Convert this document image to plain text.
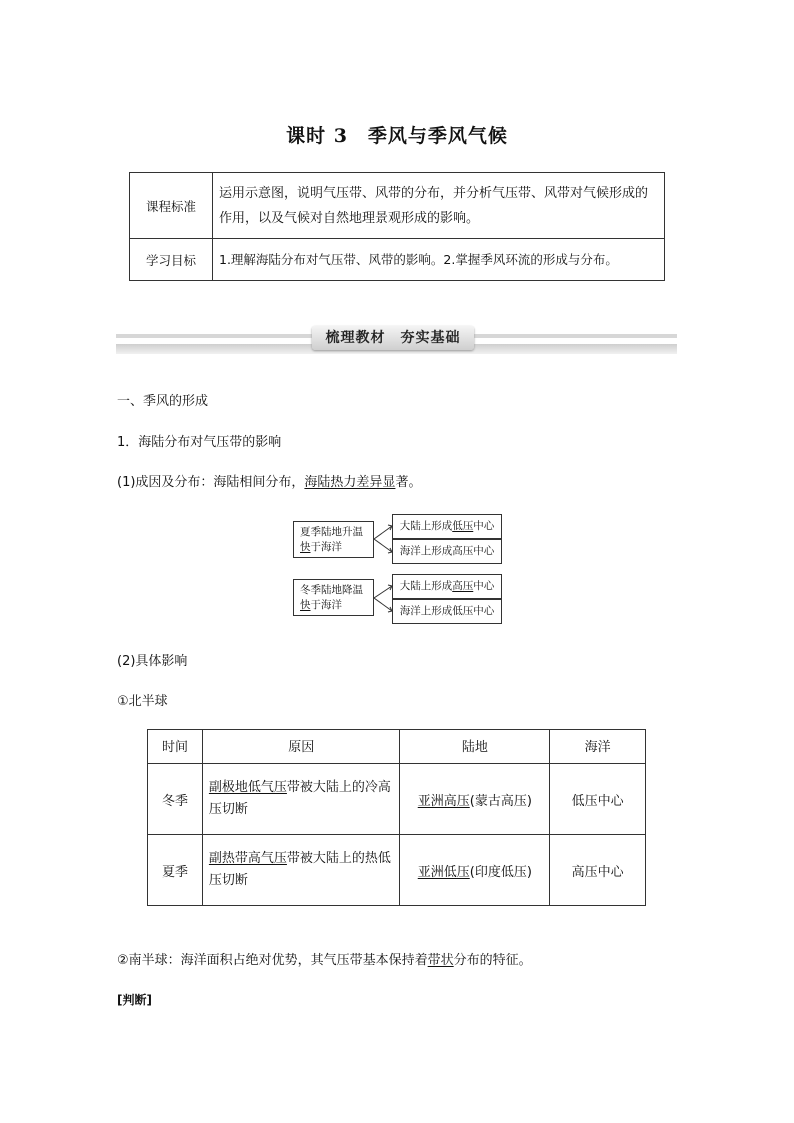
课时 3　季风与季风气候
课程标准	运用示意图，说明气压带、风带的分布，并分析气压带、风带对气候形成的作用，以及气候对自然地理景观形成的影响。
学习目标	1.理解海陆分布对气压带、风带的影响。2.掌握季风环流的形成与分布。
梳理教材　夯实基础
一、季风的形成
1．海陆分布对气压带的影响
(1)成因及分布：海陆相间分布，海陆热力差异显著。
夏季陆地升温
快于海洋
大陆上形成低压中心
海洋上形成高压中心
冬季陆地降温
快于海洋
大陆上形成高压中心
海洋上形成低压中心
(2)具体影响
①北半球
时间	原因	陆地	海洋
冬季	副极地低气压带被大陆上的冷高压切断	亚洲高压(蒙古高压)	低压中心
夏季	副热带高气压带被大陆上的热低压切断	亚洲低压(印度低压)	高压中心
②南半球：海洋面积占绝对优势，其气压带基本保持着带状分布的特征。
[判断]
